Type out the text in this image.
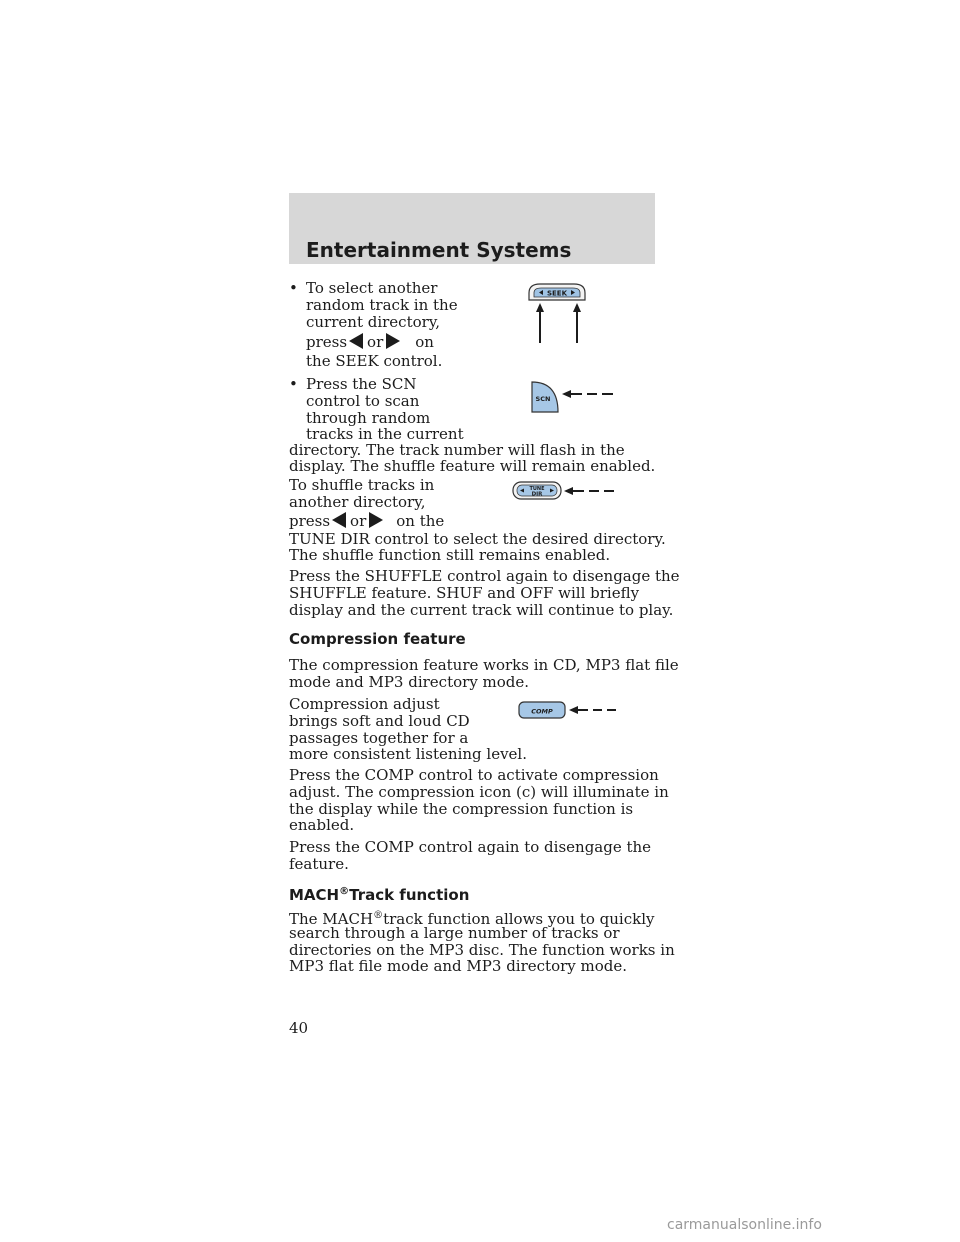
Entertainment Systems
• To select another
random track in the
current directory,
press or on
the SEEK control.
SEEK
• Press the SCN
control to scan
through random
tracks in the current
directory. The track number will flash in the
display. The shuffle feature will remain enabled.
SCN
To shuffle tracks in
another directory,
press or on the
TUNE DIR control to select the desired directory.
The shuffle function still remains enabled.
TUNE
DIR
Press the SHUFFLE control again to disengage the
SHUFFLE feature. SHUF and OFF will briefly
display and the current track will continue to play.
Compression feature
The compression feature works in CD, MP3 flat file
mode and MP3 directory mode.
Compression adjust
brings soft and loud CD
passages together for a
more consistent listening level.
Press the COMP control to activate compression
adjust. The compression icon (c) will illuminate in
the display while the compression function is
enabled.
Press the COMP control again to disengage the
feature.
COMP
MACH®Track function
The MACH®track function allows you to quickly
search through a large number of tracks or
directories on the MP3 disc. The function works in
MP3 flat file mode and MP3 directory mode.
40
carmanualsonline.info
